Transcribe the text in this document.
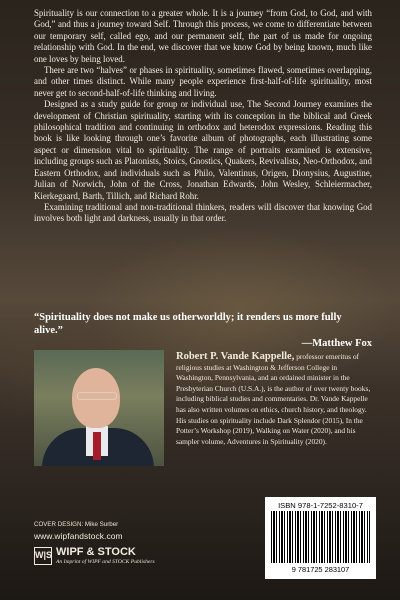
Spirituality is our connection to a greater whole. It is a journey “from God, to God, and with God,” and thus a journey toward Self. Through this process, we come to differentiate between our temporary self, called ego, and our permanent self, the part of us made for ongoing relationship with God. In the end, we discover that we know God by being known, much like one loves by being loved.

There are two “halves” or phases in spirituality, sometimes flawed, sometimes overlapping, and other times distinct. While many people experience first-half-of-life spirituality, most never get to second-half-of-life thinking and living.

Designed as a study guide for group or individual use, The Second Journey examines the development of Christian spirituality, starting with its conception in the biblical and Greek philosophical tradition and continuing in orthodox and heterodox expressions. Reading this book is like looking through one’s favorite album of photographs, each illustrating some aspect or dimension vital to spirituality. The range of portraits examined is extensive, including groups such as Platonists, Stoics, Gnostics, Quakers, Revivalists, Neo-Orthodox, and Eastern Orthodox, and individuals such as Philo, Valentinus, Origen, Dionysius, Augustine, Julian of Norwich, John of the Cross, Jonathan Edwards, John Wesley, Schleiermacher, Kierkegaard, Barth, Tillich, and Richard Rohr.

Examining traditional and non-traditional thinkers, readers will discover that knowing God involves both light and darkness, usually in that order.

“Spirituality does not make us otherworldly; it renders us more fully alive.”
—Matthew Fox
Robert P. Vande Kappelle, professor emeritus of religious studies at Washington & Jefferson College in Washington, Pennsylvania, and an ordained minister in the Presbyterian Church (U.S.A.), is the author of over twenty books, including biblical studies and commentaries. Dr. Vande Kappelle has also written volumes on ethics, church history, and theology. His studies on spirituality include Dark Splendor (2015), In the Potter’s Workshop (2019), Walking on Water (2020), and his sampler volume, Adventures in Spirituality (2020).
ISBN 978-1-7252-8310-7
9 781725 283107
COVER DESIGN: Mike Surber
www.wipfandstock.com
W|S WIPF & STOCK
An Imprint of WIPF and STOCK Publishers
